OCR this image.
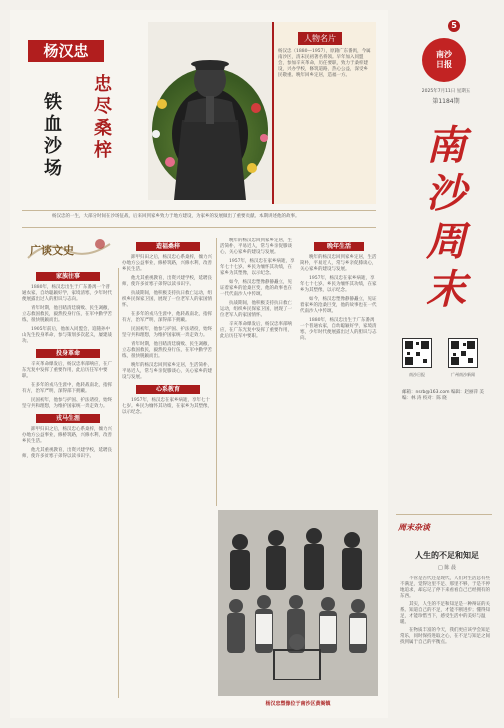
杨汉忠
忠尽桑梓
铁血沙场
人物名片
杨汉忠（1880—1957），原籍广东番禺，今属南沙区，清末民初著名将领。早年加入同盟会，参加辛亥革命，历任要职，致力于桑梓建设，兴办学校，修筑道路，热心公益，深受乡民敬重。晚年回乡定居，造福一方。
杨汉忠的一生，大部分时间在沙场征战，后来回到家乡致力于地方建设，为家乡的发展做出了重要贡献。本期讲述他的故事。
广谈文史
家族往事

1880年，杨汉忠出生于广东番禺一个普通农家，自幼聪颖好学，家境清寒，少年时代便展露出过人的胆识与志向。

青年时期，他目睹清廷腐败、民生凋敝，立志救国救民，毅然投身行伍，在军中勤学苦练，很快脱颖而出。

1905年前后，他加入同盟会，追随孙中山先生投身革命，参与策划多次起义，屡建战功。

投身革命

辛亥革命爆发后，杨汉忠率部响应，在广东光复中发挥了重要作用，此后历任军中要职。

在多年的戎马生涯中，他转战南北，指挥有方，治军严明，深得部下拥戴。

民国初年，他参与护国、护法诸役，始终坚守共和理想，为维护国家统一奔走效力。

戎马生涯

卸甲归田之后，杨汉忠心系桑梓，倾力兴办地方公益事业，修桥筑路，兴修水利，改善乡民生活。

他尤其重视教育，出资兴建学校，延聘良师，使许多贫寒子弟得以读书识字。

造福桑梓

卸甲归田之后，杨汉忠心系桑梓，倾力兴办地方公益事业，修桥筑路，兴修水利，改善乡民生活。

他尤其重视教育，出资兴建学校，延聘良师，使许多贫寒子弟得以读书识字。

抗战期间，他积极支持抗日救亡运动，组织乡民保家卫国，展现了一位老军人的家国情怀。

在多年的戎马生涯中，他转战南北，指挥有方，治军严明，深得部下拥戴。

民国初年，他参与护国、护法诸役，始终坚守共和理想，为维护国家统一奔走效力。

青年时期，他目睹清廷腐败、民生凋敝，立志救国救民，毅然投身行伍，在军中勤学苦练，很快脱颖而出。

晚年的杨汉忠回到家乡定居，生活简朴，平易近人，常与乡亲促膝谈心，关心家乡的建设与发展。

心系教育

1957年，杨汉忠在家乡病逝，享年七十七岁。乡民为缅怀其功绩，在家乡为其塑像，以示纪念。

晚年的杨汉忠回到家乡定居，生活简朴，平易近人，常与乡亲促膝谈心，关心家乡的建设与发展。

1957年，杨汉忠在家乡病逝，享年七十七岁。乡民为缅怀其功绩，在家乡为其塑像，以示纪念。

如今，杨汉忠塑像静静矗立，见证着家乡的沧桑巨变，他的故事也在一代代南沙人中传颂。

抗战期间，他积极支持抗日救亡运动，组织乡民保家卫国，展现了一位老军人的家国情怀。

辛亥革命爆发后，杨汉忠率部响应，在广东光复中发挥了重要作用，此后历任军中要职。

晚年生活

晚年的杨汉忠回到家乡定居，生活简朴，平易近人，常与乡亲促膝谈心，关心家乡的建设与发展。

1957年，杨汉忠在家乡病逝，享年七十七岁。乡民为缅怀其功绩，在家乡为其塑像，以示纪念。

如今，杨汉忠塑像静静矗立，见证着家乡的沧桑巨变，他的故事也在一代代南沙人中传颂。

1880年，杨汉忠出生于广东番禺一个普通农家，自幼聪颖好学，家境清寒，少年时代便展露出过人的胆识与志向。

杨汉忠塑像位于南沙区黄阁镇
5
南沙
日报
2025年7月11日 星期五
第1184期
南沙周末
南沙日报	广州南沙新闻
邮箱：nsrb@163.com 编辑：赵丽萍 美编：林 涛 校对：陈 晓
周末杂谈
人生的不足和知足
□ 陈 晨

不管是古代还是现代，人们对生活总有些不满足，觉得这里不足、那里不够，于是不停地追求，却忘记了停下来看看自己已经拥有的东西。

其实，人生的不足和知足是一种辩证的关系。知道自己的不足，才能不断进步；懂得知足，才能珍惜当下，感受生活中的美好与温暖。

在物质丰富的今天，我们更应该学会知足常乐，同时保持进取之心，在不足与知足之间找到属于自己的平衡点。
